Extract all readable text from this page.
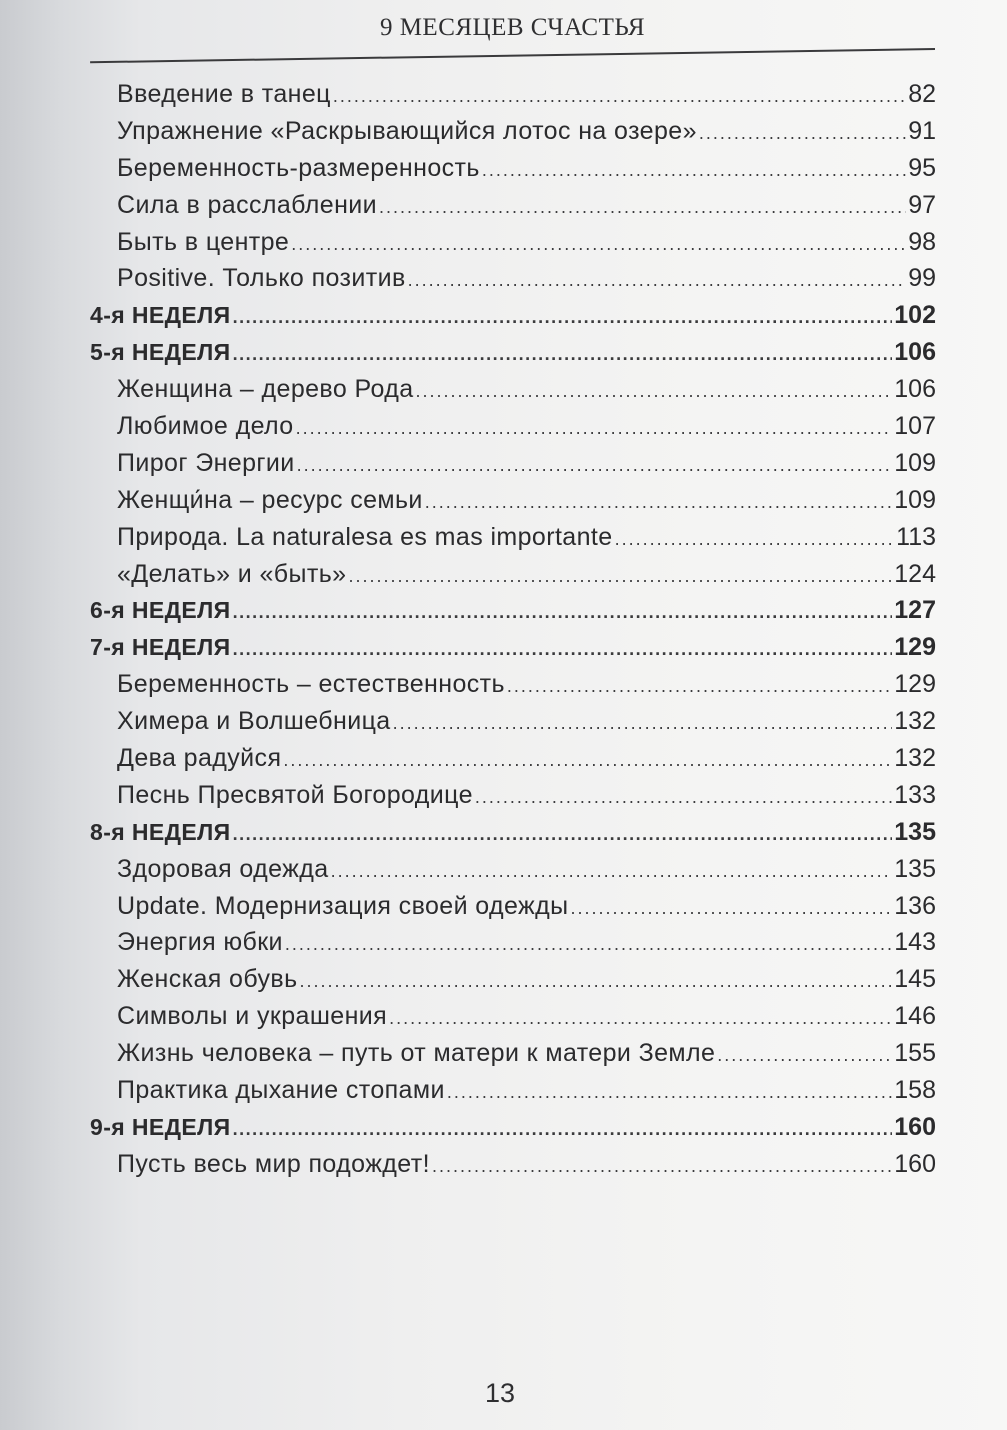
9 МЕСЯЦЕВ СЧАСТЬЯ
Введение в танец .....	82
Упражнение «Раскрывающийся лотос на озере» .....	91
Беременность-размеренность .....	95
Сила в расслаблении .....	97
Быть в центре .....	98
Positive. Только позитив .....	99
4-я НЕДЕЛЯ .....	102
5-я НЕДЕЛЯ .....	106
Женщина – дерево Рода .....	106
Любимое дело .....	107
Пирог Энергии .....	109
Женщи́на – ресурс семьи .....	109
Природа. La naturalesa es mas importante .....	113
«Делать» и «быть» .....	124
6-я НЕДЕЛЯ .....	127
7-я НЕДЕЛЯ .....	129
Беременность – естественность .....	129
Химера и Волшебница .....	132
Дева радуйся .....	132
Песнь Пресвятой Богородице .....	133
8-я НЕДЕЛЯ .....	135
Здоровая одежда .....	135
Update. Модернизация своей одежды .....	136
Энергия юбки .....	143
Женская обувь .....	145
Символы и украшения .....	146
Жизнь человека – путь от матери к матери Земле .....	155
Практика дыхание стопами .....	158
9-я НЕДЕЛЯ .....	160
Пусть весь мир подождет! .....	160
13
